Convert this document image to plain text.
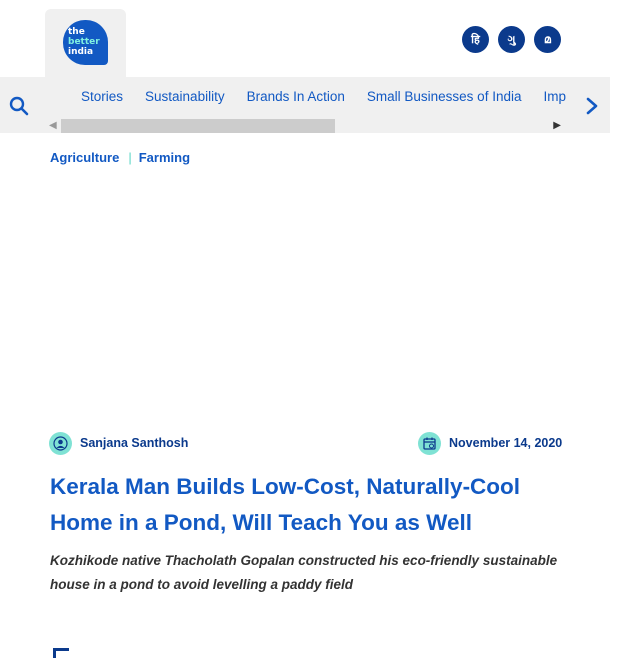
the
better
india
हि	ગુ	മ
Stories Sustainability Brands In Action Small Businesses of India Imp
◀	▶
Agriculture | Farming
Sanjana Santhosh	November 14, 2020
Kerala Man Builds Low-Cost, Naturally-Cool Home in a Pond, Will Teach You as Well

Kozhikode native Thacholath Gopalan constructed his eco-friendly sustainable house in a pond to avoid levelling a paddy field
